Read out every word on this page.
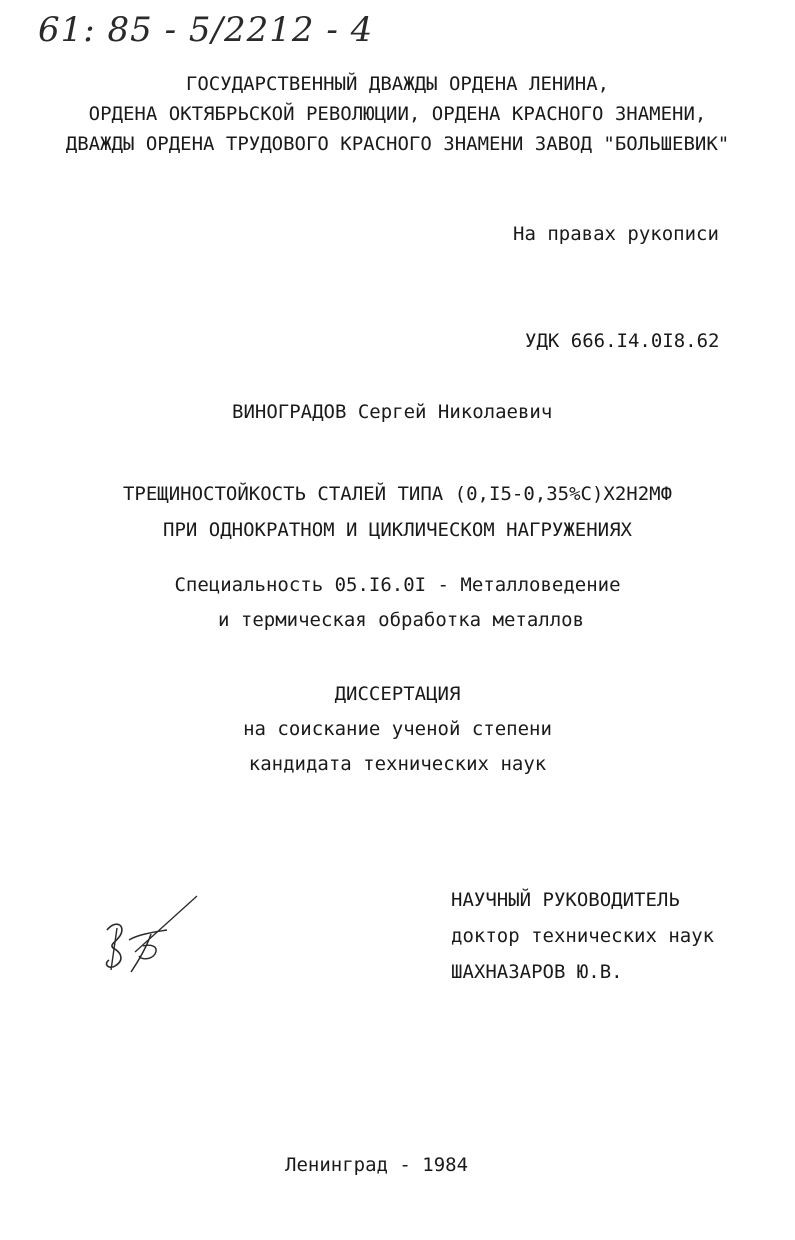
61: 85 - 5/2212 - 4
ГОСУДАРСТВЕННЫЙ ДВАЖДЫ ОРДЕНА ЛЕНИНА,
ОРДЕНА ОКТЯБРЬСКОЙ РЕВОЛЮЦИИ, ОРДЕНА КРАСНОГО ЗНАМЕНИ,
ДВАЖДЫ ОРДЕНА ТРУДОВОГО КРАСНОГО ЗНАМЕНИ ЗАВОД "БОЛЬШЕВИК"
На правах рукописи
УДК 666.I4.0I8.62
ВИНОГРАДОВ Сергей Николаевич
ТРЕЩИНОСТОЙКОСТЬ СТАЛЕЙ ТИПА (0,I5-0,35%С)Х2Н2МФ
ПРИ ОДНОКРАТНОМ И ЦИКЛИЧЕСКОМ НАГРУЖЕНИЯХ
Специальность 05.I6.0I - Металловедение
и термическая обработка металлов
ДИССЕРТАЦИЯ
на соискание ученой степени
кандидата технических наук
НАУЧНЫЙ РУКОВОДИТЕЛЬ
доктор технических наук
ШАХНАЗАРОВ Ю.В.
Ленинград - 1984
